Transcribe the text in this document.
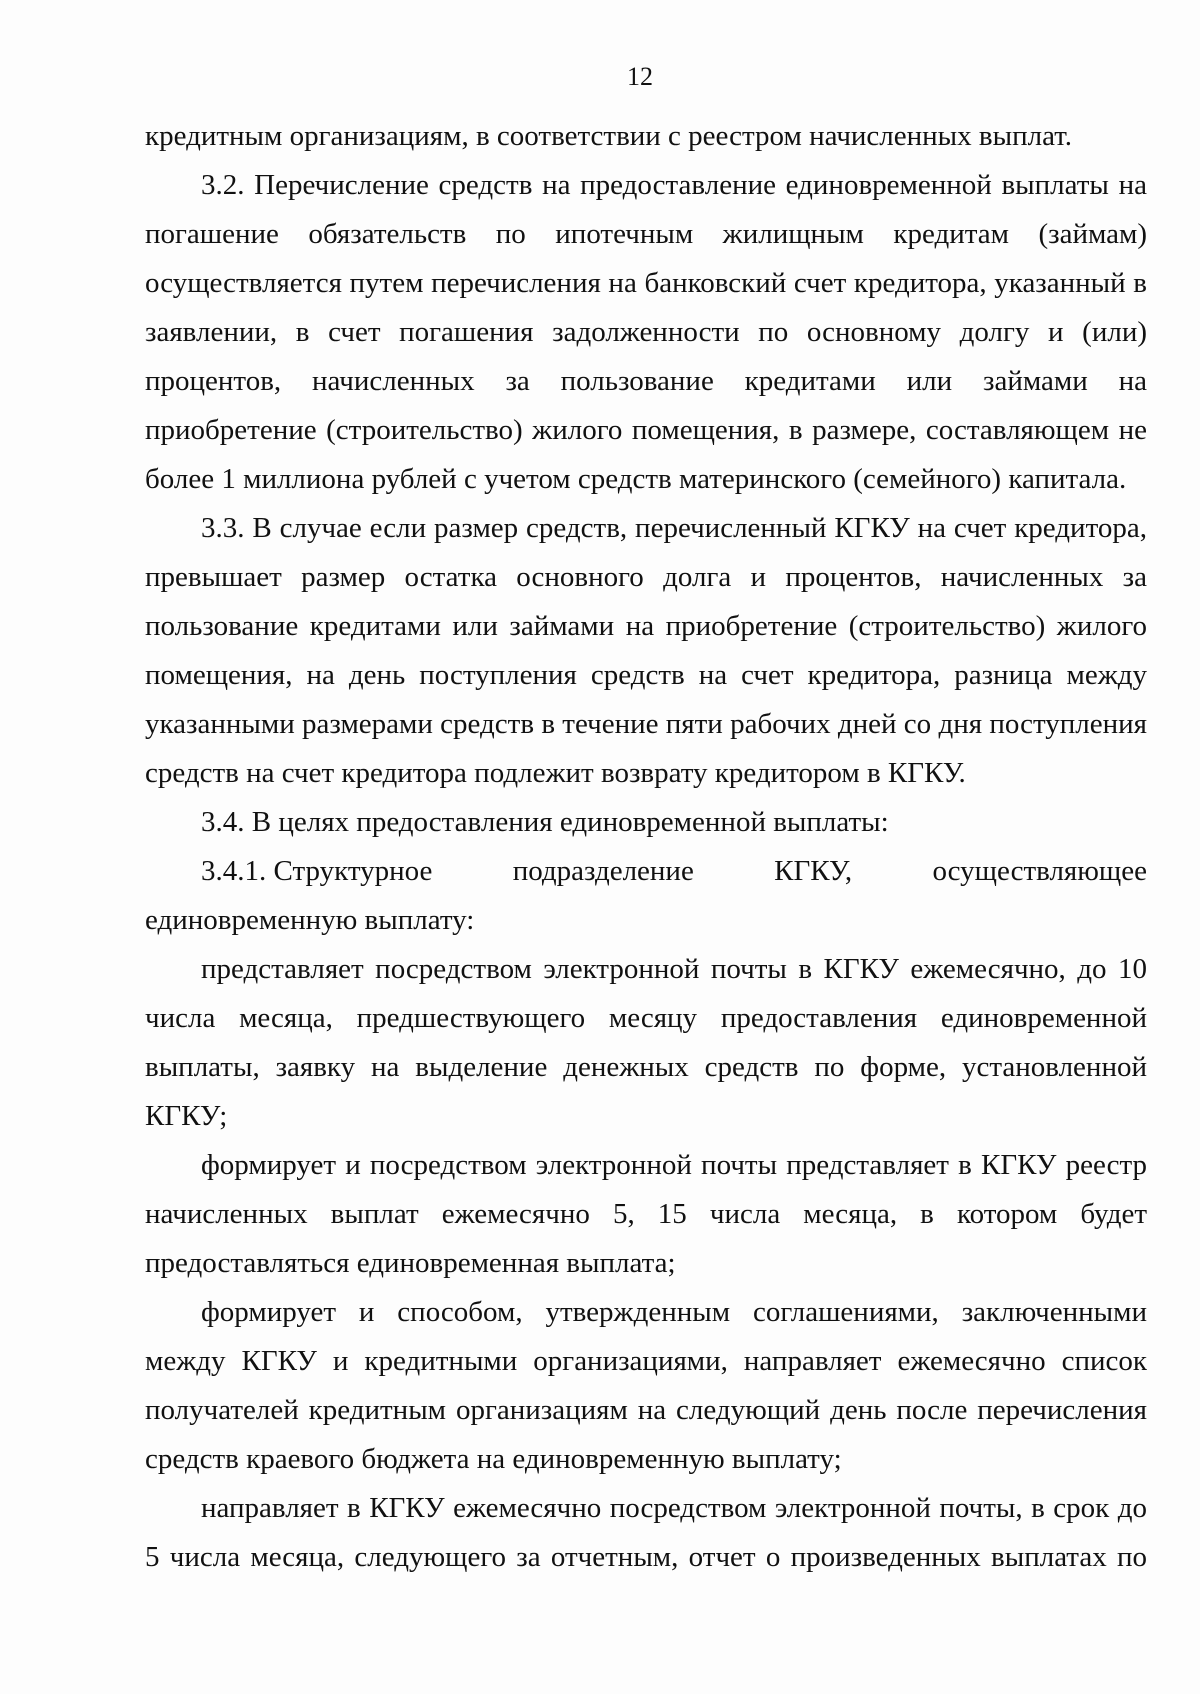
12

кредитным организациям, в соответствии с реестром начисленных выплат.

3.2. Перечисление средств на предоставление единовременной выплаты на погашение обязательств по ипотечным жилищным кредитам (займам) осуществляется путем перечисления на банковский счет кредитора, указанный в заявлении, в счет погашения задолженности по основному долгу и (или) процентов, начисленных за пользование кредитами или займами на приобретение (строительство) жилого помещения, в размере, составляющем не более 1 миллиона рублей с учетом средств материнского (семейного) капитала.

3.3. В случае если размер средств, перечисленный КГКУ на счет кредитора, превышает размер остатка основного долга и процентов, начисленных за пользование кредитами или займами на приобретение (строительство) жилого помещения, на день поступления средств на счет кредитора, разница между указанными размерами средств в течение пяти рабочих дней со дня поступления средств на счет кредитора подлежит возврату кредитором в КГКУ.

3.4. В целях предоставления единовременной выплаты:

3.4.1. Структурное	подразделение	КГКУ,	осуществляющее

единовременную выплату:

представляет посредством электронной почты в КГКУ ежемесячно, до 10 числа месяца, предшествующего месяцу предоставления единовременной выплаты, заявку на выделение денежных средств по форме, установленной КГКУ;

формирует и посредством электронной почты представляет в КГКУ реестр начисленных выплат ежемесячно 5, 15 числа месяца, в котором будет предоставляться единовременная выплата;

формирует и способом, утвержденным соглашениями, заключенными между КГКУ и кредитными организациями, направляет ежемесячно список получателей кредитным организациям на следующий день после перечисления средств краевого бюджета на единовременную выплату;

направляет в КГКУ ежемесячно посредством электронной почты, в срок до 5 числа месяца, следующего за отчетным, отчет о произведенных выплатах по
